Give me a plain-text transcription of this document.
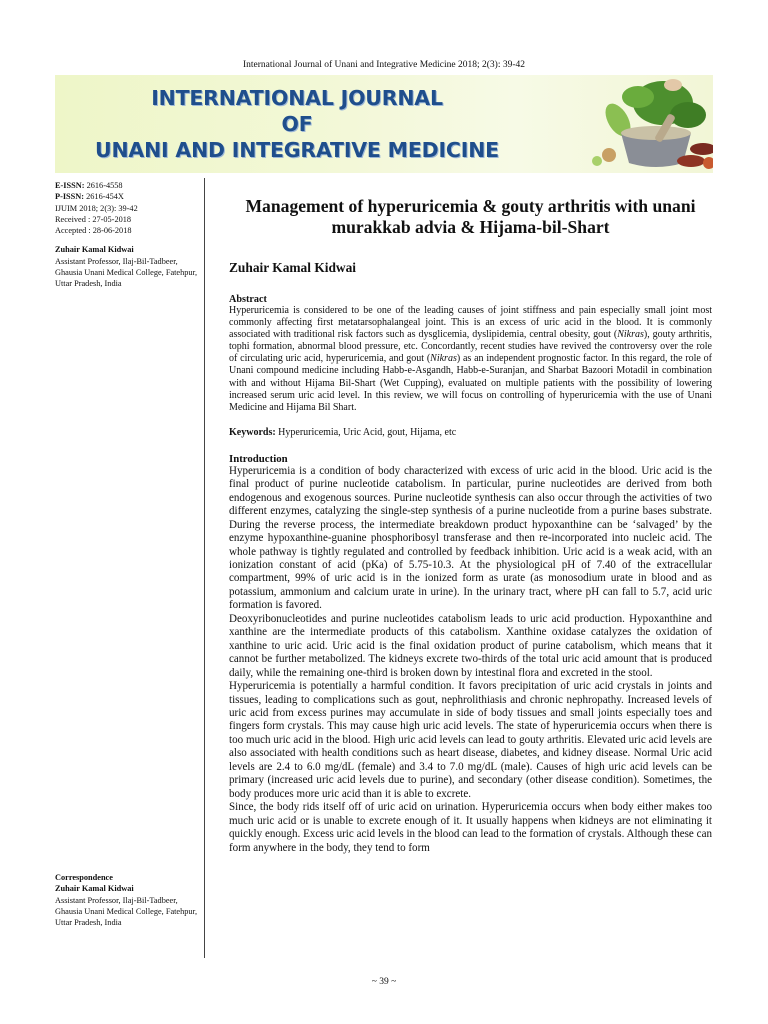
International Journal of Unani and Integrative Medicine 2018; 2(3): 39-42
INTERNATIONAL JOURNAL
OF
UNANI AND INTEGRATIVE MEDICINE
E-ISSN: 2616-4558
P-ISSN: 2616-454X
IJUIM 2018; 2(3): 39-42
Received : 27-05-2018
Accepted : 28-06-2018
Zuhair Kamal Kidwai
Assistant Professor, Ilaj-Bil-Tadbeer, Ghausia Unani Medical College, Fatehpur, Uttar Pradesh, India
Correspondence
Zuhair Kamal Kidwai
Assistant Professor, Ilaj-Bil-Tadbeer, Ghausia Unani Medical College, Fatehpur, Uttar Pradesh, India
Management of hyperuricemia & gouty arthritis with unani murakkab advia & Hijama-bil-Shart
Zuhair Kamal Kidwai
Abstract

Hyperuricemia is considered to be one of the leading causes of joint stiffness and pain especially small joint most commonly affecting first metatarsophalangeal joint. This is an excess of uric acid in the blood. It is commonly associated with traditional risk factors such as dysglicemia, dyslipidemia, central obesity, gout (Nikras), gouty arthritis, tophi formation, abnormal blood pressure, etc. Concordantly, recent studies have revived the controversy over the role of circulating uric acid, hyperuricemia, and gout (Nikras) as an independent prognostic factor. In this regard, the role of Unani compound medicine including Habb-e-Asgandh, Habb-e-Suranjan, and Sharbat Bazoori Motadil in combination with and without Hijama Bil-Shart (Wet Cupping), evaluated on multiple patients with the possibility of lowering increased serum uric acid level. In this review, we will focus on controlling of hyperuricemia with the use of Unani Medicine and Hijama Bil Shart.

Keywords: Hyperuricemia, Uric Acid, gout, Hijama, etc
Introduction

Hyperuricemia is a condition of body characterized with excess of uric acid in the blood. Uric acid is the final product of purine nucleotide catabolism. In particular, purine nucleotides are derived from both endogenous and exogenous sources. Purine nucleotide synthesis can also occur through the activities of two different enzymes, catalyzing the single-step synthesis of a purine nucleotide from a purine bases substrate. During the reverse process, the intermediate breakdown product hypoxanthine can be ‘salvaged’ by the enzyme hypoxanthine-guanine phosphoribosyl transferase and then re-incorporated into nucleic acid. The whole pathway is tightly regulated and controlled by feedback inhibition. Uric acid is a weak acid, with an ionization constant of acid (pKa) of 5.75-10.3. At the physiological pH of 7.40 of the extracellular compartment, 99% of uric acid is in the ionized form as urate (as monosodium urate in blood and as potassium, ammonium and calcium urate in urine). In the urinary tract, where pH can fall to 5.7, acid uric formation is favored.

Deoxyribonucleotides and purine nucleotides catabolism leads to uric acid production. Hypoxanthine and xanthine are the intermediate products of this catabolism. Xanthine oxidase catalyzes the oxidation of xanthine to uric acid. Uric acid is the final oxidation product of purine catabolism, which means that it cannot be further metabolized. The kidneys excrete two-thirds of the total uric acid amount that is produced daily, while the remaining one-third is broken down by intestinal flora and excreted in the stool.

Hyperuricemia is potentially a harmful condition. It favors precipitation of uric acid crystals in joints and tissues, leading to complications such as gout, nephrolithiasis and chronic nephropathy. Increased levels of uric acid from excess purines may accumulate in side of body tissues and small joints especially toes and fingers form crystals. This may cause high uric acid levels. The state of hyperuricemia occurs when there is too much uric acid in the blood. High uric acid levels can lead to gouty arthritis. Elevated uric acid levels are also associated with health conditions such as heart disease, diabetes, and kidney disease. Normal Uric acid levels are 2.4 to 6.0 mg/dL (female) and 3.4 to 7.0 mg/dL (male). Causes of high uric acid levels can be primary (increased uric acid levels due to purine), and secondary (other disease condition). Sometimes, the body produces more uric acid than it is able to excrete.

Since, the body rids itself off of uric acid on urination. Hyperuricemia occurs when body either makes too much uric acid or is unable to excrete enough of it. It usually happens when kidneys are not eliminating it quickly enough. Excess uric acid levels in the blood can lead to the formation of crystals. Although these can form anywhere in the body, they tend to form

~ 39 ~
